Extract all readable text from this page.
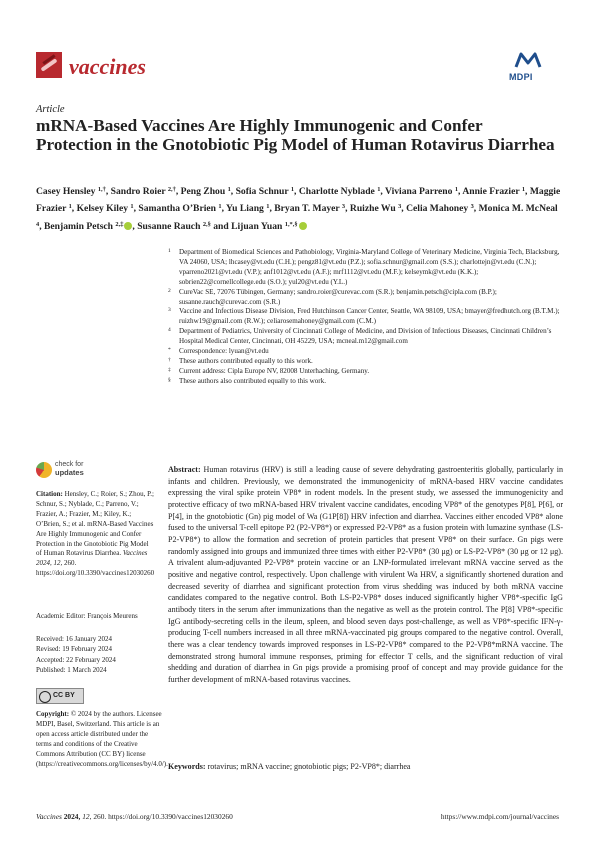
vaccines	MDPI
Article
mRNA-Based Vaccines Are Highly Immunogenic and Confer Protection in the Gnotobiotic Pig Model of Human Rotavirus Diarrhea
Casey Hensley $^{1,\dagger}$, Sandro Roier $^{2,\dagger}$, Peng Zhou $^1$, Sofia Schnur $^1$, Charlotte Nyblade $^1$, Viviana Parreno $^1$, Annie Frazier $^1$, Maggie Frazier $^1$, Kelsey Kiley $^1$, Samantha O’Brien $^1$, Yu Liang $^1$, Bryan T. Mayer $^3$, Ruizhe Wu $^3$, Celia Mahoney $^3$, Monica M. McNeal $^4$, Benjamin Petsch $^{2,\ddagger}$ , Susanne Rauch $^{2,\S}$ and Lijuan Yuan $^{1,*,\S}$
1 Department of Biomedical Sciences and Pathobiology, Virginia-Maryland College of Veterinary Medicine, Virginia Tech, Blacksburg, VA 24060, USA; lhcasey@vt.edu (C.H.); pengz81@vt.edu (P.Z.); sofia.schnur@gmail.com (S.S.); charlottejn@vt.edu (C.N.); vparreno2021@vt.edu (V.P.); anf1012@vt.edu (A.F.); mrf1112@vt.edu (M.F.); kelseymk@vt.edu (K.K.); sobrien22@cornellcollege.edu (S.O.); yul20@vt.edu (Y.L.)
2 CureVac SE, 72076 Tübingen, Germany; sandro.roier@curevac.com (S.R.); benjamin.petsch@cipla.com (B.P.); susanne.rauch@curevac.com (S.R.)
3 Vaccine and Infectious Disease Division, Fred Hutchinson Cancer Center, Seattle, WA 98109, USA; bmayer@fredhutch.org (B.T.M.); ruizhw19@gmail.com (R.W.); celiarosemahoney@gmail.com (C.M.)
4 Department of Pediatrics, University of Cincinnati College of Medicine, and Division of Infectious Diseases, Cincinnati Children’s Hospital Medical Center, Cincinnati, OH 45229, USA; mcneal.m12@gmail.com
* Correspondence: lyuan@vt.edu
† These authors contributed equally to this work.
‡ Current address: Cipla Europe NV, 82008 Unterhaching, Germany.
§ These authors also contributed equally to this work.
check for
updates
Citation: Hensley, C.; Roier, S.; Zhou, P.; Schnur, S.; Nyblade, C.; Parreno, V.; Frazier, A.; Frazier, M.; Kiley, K.; O’Brien, S.; et al. mRNA-Based Vaccines Are Highly Immunogenic and Confer Protection in the Gnotobiotic Pig Model of Human Rotavirus Diarrhea. Vaccines 2024, 12, 260. https://doi.org/10.3390/vaccines12030260
Academic Editor: François Meurens
Received: 16 January 2024
Revised: 19 February 2024
Accepted: 22 February 2024
Published: 1 March 2024
CC BY
Copyright: © 2024 by the authors. Licensee MDPI, Basel, Switzerland. This article is an open access article distributed under the terms and conditions of the Creative Commons Attribution (CC BY) license (https://creativecommons.org/licenses/by/4.0/).
Abstract: Human rotavirus (HRV) is still a leading cause of severe dehydrating gastroenteritis globally, particularly in infants and children. Previously, we demonstrated the immunogenicity of mRNA-based HRV vaccine candidates expressing the viral spike protein VP8* in rodent models. In the present study, we assessed the immunogenicity and protective efficacy of two mRNA-based HRV trivalent vaccine candidates, encoding VP8* of the genotypes P[8], P[6], or P[4], in the gnotobiotic (Gn) pig model of Wa (G1P[8]) HRV infection and diarrhea. Vaccines either encoded VP8* alone fused to the universal T-cell epitope P2 (P2-VP8*) or expressed P2-VP8* as a fusion protein with lumazine synthase (LS-P2-VP8*) to allow the formation and secretion of protein particles that present VP8* on their surface. Gn pigs were randomly assigned into groups and immunized three times with either P2-VP8* (30 μg) or LS-P2-VP8* (30 μg or 12 μg). A trivalent alum-adjuvanted P2-VP8* protein vaccine or an LNP-formulated irrelevant mRNA vaccine served as the positive and negative control, respectively. Upon challenge with virulent Wa HRV, a significantly shortened duration and decreased severity of diarrhea and significant protection from virus shedding was induced by both mRNA vaccine candidates compared to the negative control. Both LS-P2-VP8* doses induced significantly higher VP8*-specific IgG antibody titers in the serum after immunizations than the negative as well as the protein control. The P[8] VP8*-specific IgG antibody-secreting cells in the ileum, spleen, and blood seven days post-challenge, as well as VP8*-specific IFN-γ-producing T-cell numbers increased in all three mRNA-vaccinated pig groups compared to the negative control. Overall, there was a clear tendency towards improved responses in LS-P2-VP8* compared to the P2-VP8*mRNA vaccine. The demonstrated strong humoral immune responses, priming for effector T cells, and the significant reduction of viral shedding and duration of diarrhea in Gn pigs provide a promising proof of concept and may provide guidance for the further development of mRNA-based rotavirus vaccines.
Keywords: rotavirus; mRNA vaccine; gnotobiotic pigs; P2-VP8*; diarrhea
Vaccines 2024, 12, 260. https://doi.org/10.3390/vaccines12030260	https://www.mdpi.com/journal/vaccines
